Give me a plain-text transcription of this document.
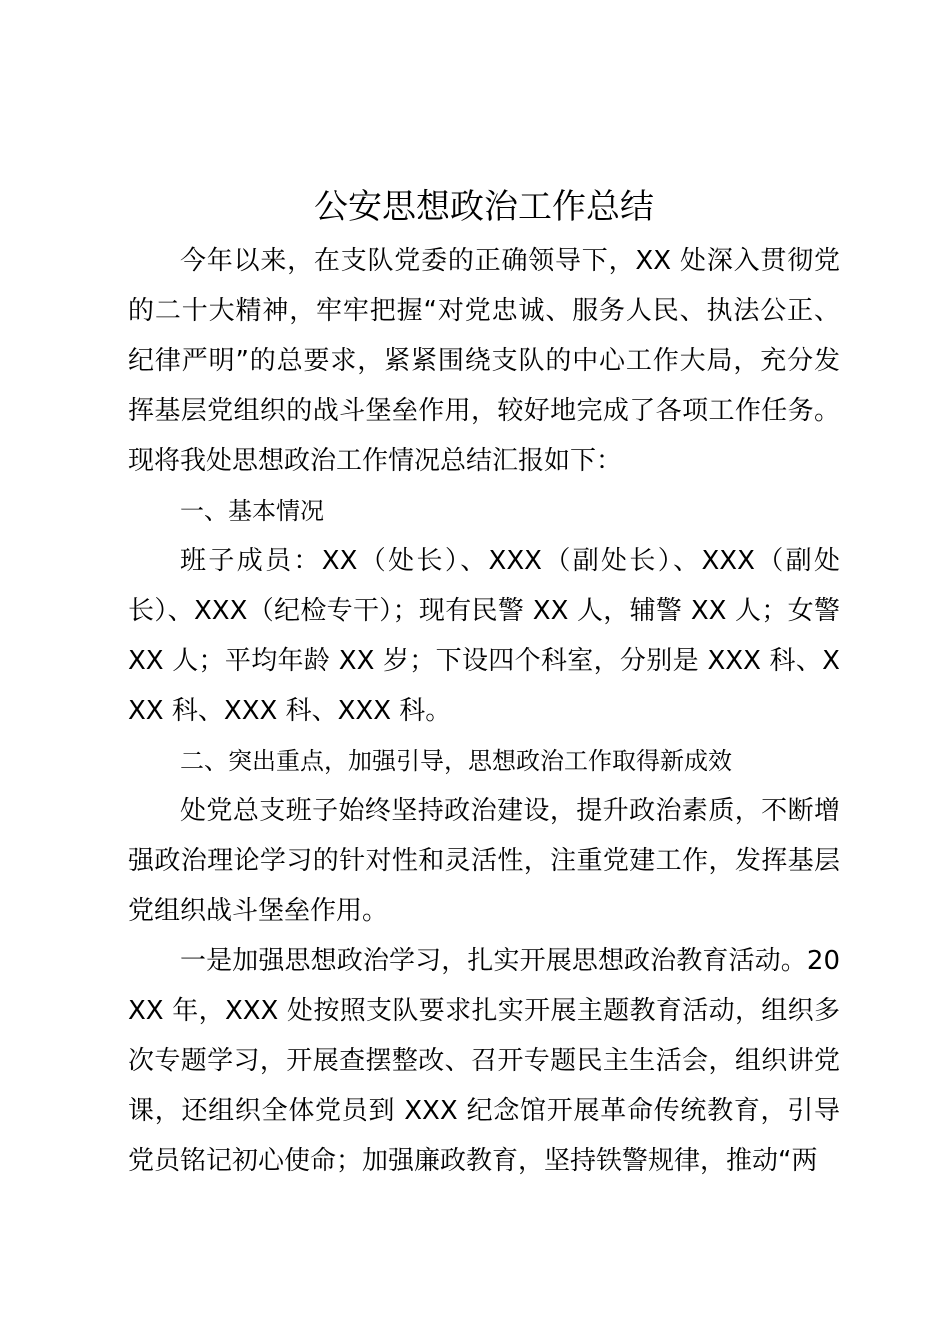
公安思想政治工作总结

今年以来，在支队党委的正确领导下，XX 处深入贯彻党的二十大精神，牢牢把握“对党忠诚、服务人民、执法公正、纪律严明”的总要求，紧紧围绕支队的中心工作大局，充分发挥基层党组织的战斗堡垒作用，较好地完成了各项工作任务。现将我处思想政治工作情况总结汇报如下：

一、基本情况

班子成员：XX（处长）、XXX（副处长）、XXX（副处长）、XXX（纪检专干）；现有民警 XX 人，辅警 XX 人；女警 XX 人；平均年龄 XX 岁；下设四个科室，分别是 XXX 科、XXX 科、XXX 科、XXX 科。

二、突出重点，加强引导，思想政治工作取得新成效

处党总支班子始终坚持政治建设，提升政治素质，不断增强政治理论学习的针对性和灵活性，注重党建工作，发挥基层党组织战斗堡垒作用。

一是加强思想政治学习，扎实开展思想政治教育活动。20XX 年，XXX 处按照支队要求扎实开展主题教育活动，组织多次专题学习，开展查摆整改、召开专题民主生活会，组织讲党课，还组织全体党员到 XXX 纪念馆开展革命传统教育，引导党员铭记初心使命；加强廉政教育，坚持铁警规律，推动“两
